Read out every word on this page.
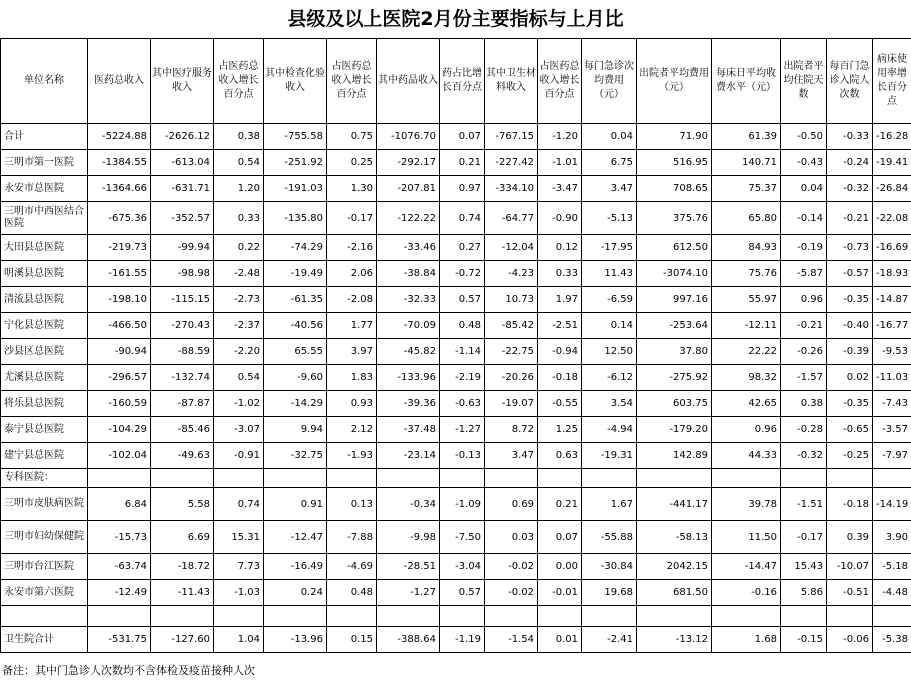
县级及以上医院2月份主要指标与上月比
单位名称	医药总收入	其中医疗服务收入	占医药总收入增长百分点	其中检查化验收入	占医药总收入增长百分点	其中药品收入	药占比增长百分点	其中卫生材料收入	占医药总收入增长百分点	每门急诊次均费用（元）	出院者平均费用（元）	每床日平均收费水平（元）	出院者平均住院天数	每百门急诊入院人次数	病床使用率增长百分点
合计	-5224.88	-2626.12	0.38	-755.58	0.75	-1076.70	0.07	-767.15	-1.20	0.04	71.90	61.39	-0.50	-0.33	-16.28
三明市第一医院	-1384.55	-613.04	0.54	-251.92	0.25	-292.17	0.21	-227.42	-1.01	6.75	516.95	140.71	-0.43	-0.24	-19.41
永安市总医院	-1364.66	-631.71	1.20	-191.03	1.30	-207.81	0.97	-334.10	-3.47	3.47	708.65	75.37	0.04	-0.32	-26.84
三明市中西医结合医院	-675.36	-352.57	0.33	-135.80	-0.17	-122.22	0.74	-64.77	-0.90	-5.13	375.76	65.80	-0.14	-0.21	-22.08
大田县总医院	-219.73	-99.94	0.22	-74.29	-2.16	-33.46	0.27	-12.04	0.12	-17.95	612.50	84.93	-0.19	-0.73	-16.69
明溪县总医院	-161.55	-98.98	-2.48	-19.49	2.06	-38.84	-0.72	-4.23	0.33	11.43	-3074.10	75.76	-5.87	-0.57	-18.93
清流县总医院	-198.10	-115.15	-2.73	-61.35	-2.08	-32.33	0.57	10.73	1.97	-6.59	997.16	55.97	0.96	-0.35	-14.87
宁化县总医院	-466.50	-270.43	-2.37	-40.56	1.77	-70.09	0.48	-85.42	-2.51	0.14	-253.64	-12.11	-0.21	-0.40	-16.77
沙县区总医院	-90.94	-88.59	-2.20	65.55	3.97	-45.82	-1.14	-22.75	-0.94	12.50	37.80	22.22	-0.26	-0.39	-9.53
尤溪县总医院	-296.57	-132.74	0.54	-9.60	1.83	-133.96	-2.19	-20.26	-0.18	-6.12	-275.92	98.32	-1.57	0.02	-11.03
将乐县总医院	-160.59	-87.87	-1.02	-14.29	0.93	-39.36	-0.63	-19.07	-0.55	3.54	603.75	42.65	0.38	-0.35	-7.43
泰宁县总医院	-104.29	-85.46	-3.07	9.94	2.12	-37.48	-1.27	8.72	1.25	-4.94	-179.20	0.96	-0.28	-0.65	-3.57
建宁县总医院	-102.04	-49.63	-0.91	-32.75	-1.93	-23.14	-0.13	3.47	0.63	-19.31	142.89	44.33	-0.32	-0.25	-7.97
专科医院：															
三明市皮肤病医院	6.84	5.58	0.74	0.91	0.13	-0.34	-1.09	0.69	0.21	1.67	-441.17	39.78	-1.51	-0.18	-14.19
三明市妇幼保健院	-15.73	6.69	15.31	-12.47	-7.88	-9.98	-7.50	0.03	0.07	-55.88	-58.13	11.50	-0.17	0.39	3.90
三明市台江医院	-63.74	-18.72	7.73	-16.49	-4.69	-28.51	-3.04	-0.02	0.00	-30.84	2042.15	-14.47	15.43	-10.07	-5.18
永安市第六医院	-12.49	-11.43	-1.03	0.24	0.48	-1.27	0.57	-0.02	-0.01	19.68	681.50	-0.16	5.86	-0.51	-4.48

卫生院合计	-531.75	-127.60	1.04	-13.96	0.15	-388.64	-1.19	-1.54	0.01	-2.41	-13.12	1.68	-0.15	-0.06	-5.38
备注：其中门急诊人次数均不含体检及疫苗接种人次
